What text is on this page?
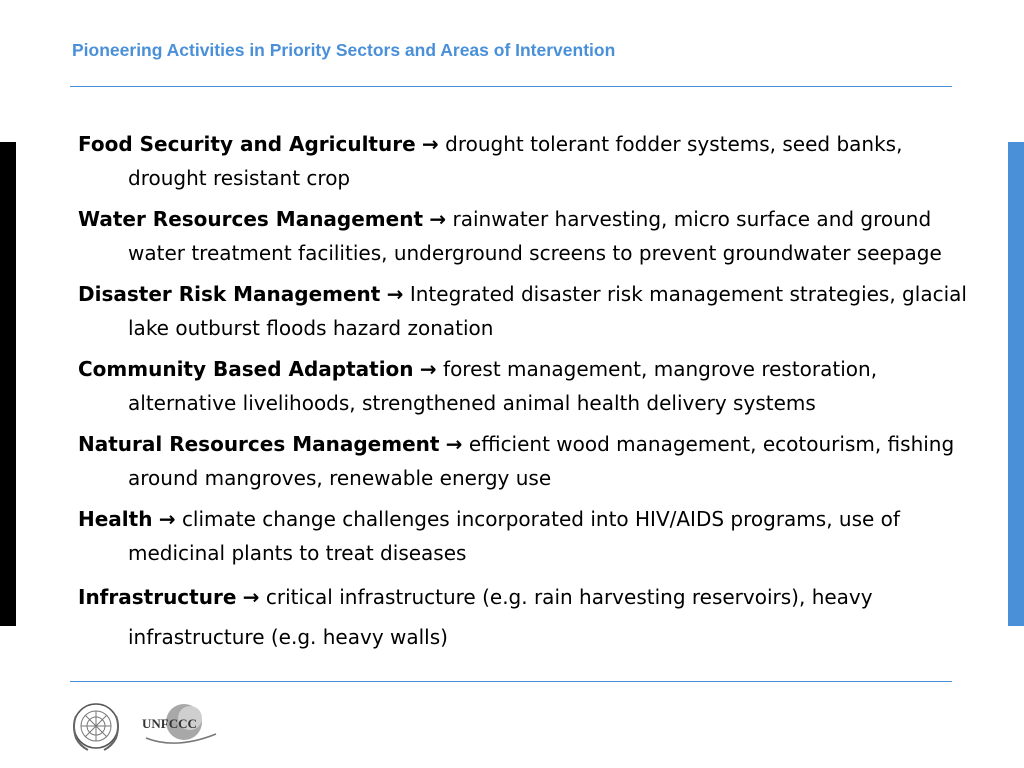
Pioneering Activities in Priority Sectors and Areas of Intervention

Food Security and Agriculture → drought tolerant fodder systems, seed banks, drought resistant crop

Water Resources Management → rainwater harvesting, micro surface and ground water treatment facilities, underground screens to prevent groundwater seepage

Disaster Risk Management → Integrated disaster risk management strategies, glacial lake outburst floods hazard zonation

Community Based Adaptation → forest management, mangrove restoration, alternative livelihoods, strengthened animal health delivery systems

Natural Resources Management → efficient wood management, ecotourism, fishing around mangroves, renewable energy use

Health → climate change challenges incorporated into HIV/AIDS programs, use of medicinal plants to treat diseases

Infrastructure → critical infrastructure (e.g. rain harvesting reservoirs), heavy infrastructure (e.g. heavy walls)

UNFCCC
